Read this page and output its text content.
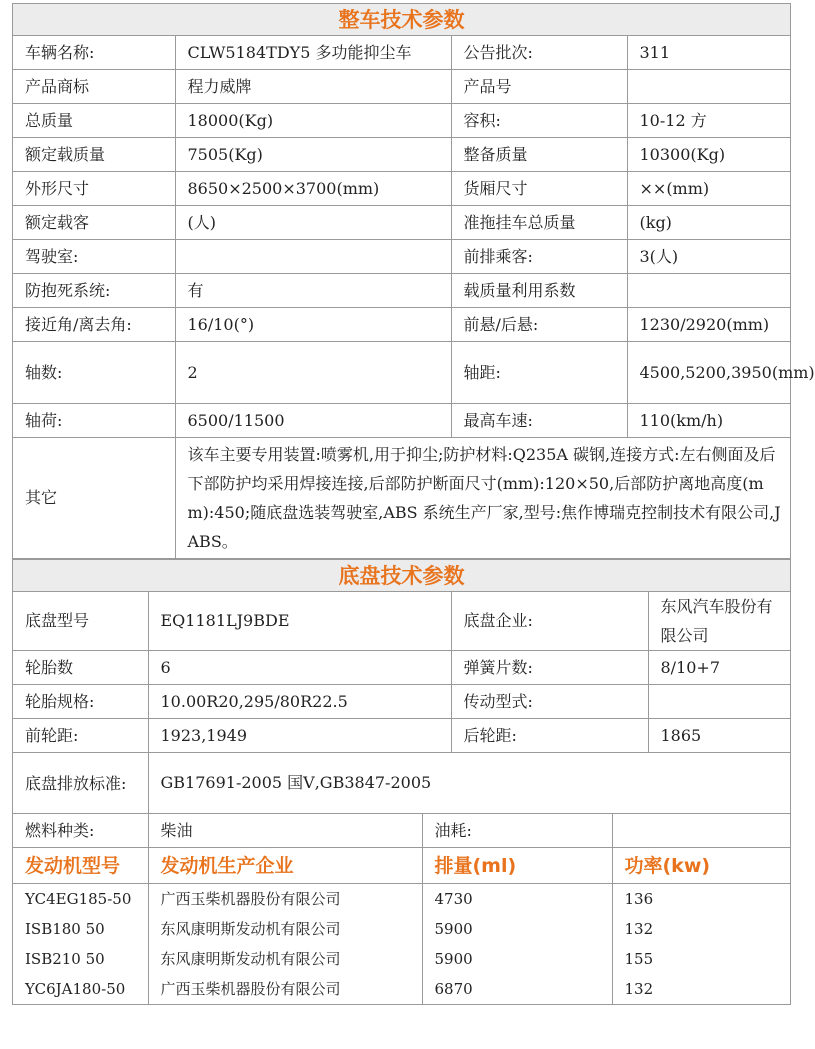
整车技术参数
车辆名称:	CLW5184TDY5 多功能抑尘车	公告批次:	311
产品商标	程力威牌	产品号	
总质量	18000(Kg)	容积:	10-12 方
额定载质量	7505(Kg)	整备质量	10300(Kg)
外形尺寸	8650×2500×3700(mm)	货厢尺寸	××(mm)
额定载客	(人)	准拖挂车总质量	(kg)
驾驶室:		前排乘客:	3(人)
防抱死系统:	有	载质量利用系数	
接近角/离去角:	16/10(°)	前悬/后悬:	1230/2920(mm)
轴数:	2	轴距:	4500,5200,3950(mm)
轴荷:	6500/11500	最高车速:	110(km/h)
其它	该车主要专用装置:喷雾机,用于抑尘;防护材料:Q235A 碳钢,连接方式:左右侧面及后下部防护均采用焊接连接,后部防护断面尺寸(mm):120×50,后部防护离地高度(mm):450;随底盘选装驾驶室,ABS 系统生产厂家,型号:焦作博瑞克控制技术有限公司,J ABS。		
底盘技术参数
底盘型号	EQ1181LJ9BDE	底盘企业:	东风汽车股份有限公司
轮胎数	6	弹簧片数:	8/10+7
轮胎规格:	10.00R20,295/80R22.5	传动型式:	
前轮距:	1923,1949	后轮距:	1865
底盘排放标准:	GB17691-2005 国Ⅴ,GB3847-2005		
燃料种类:	柴油	油耗:	
发动机型号	发动机生产企业	排量(ml)	功率(kw)
YC4EG185-50	广西玉柴机器股份有限公司	4730	136
ISB180 50	东风康明斯发动机有限公司	5900	132
ISB210 50	东风康明斯发动机有限公司	5900	155
YC6JA180-50	广西玉柴机器股份有限公司	6870	132
